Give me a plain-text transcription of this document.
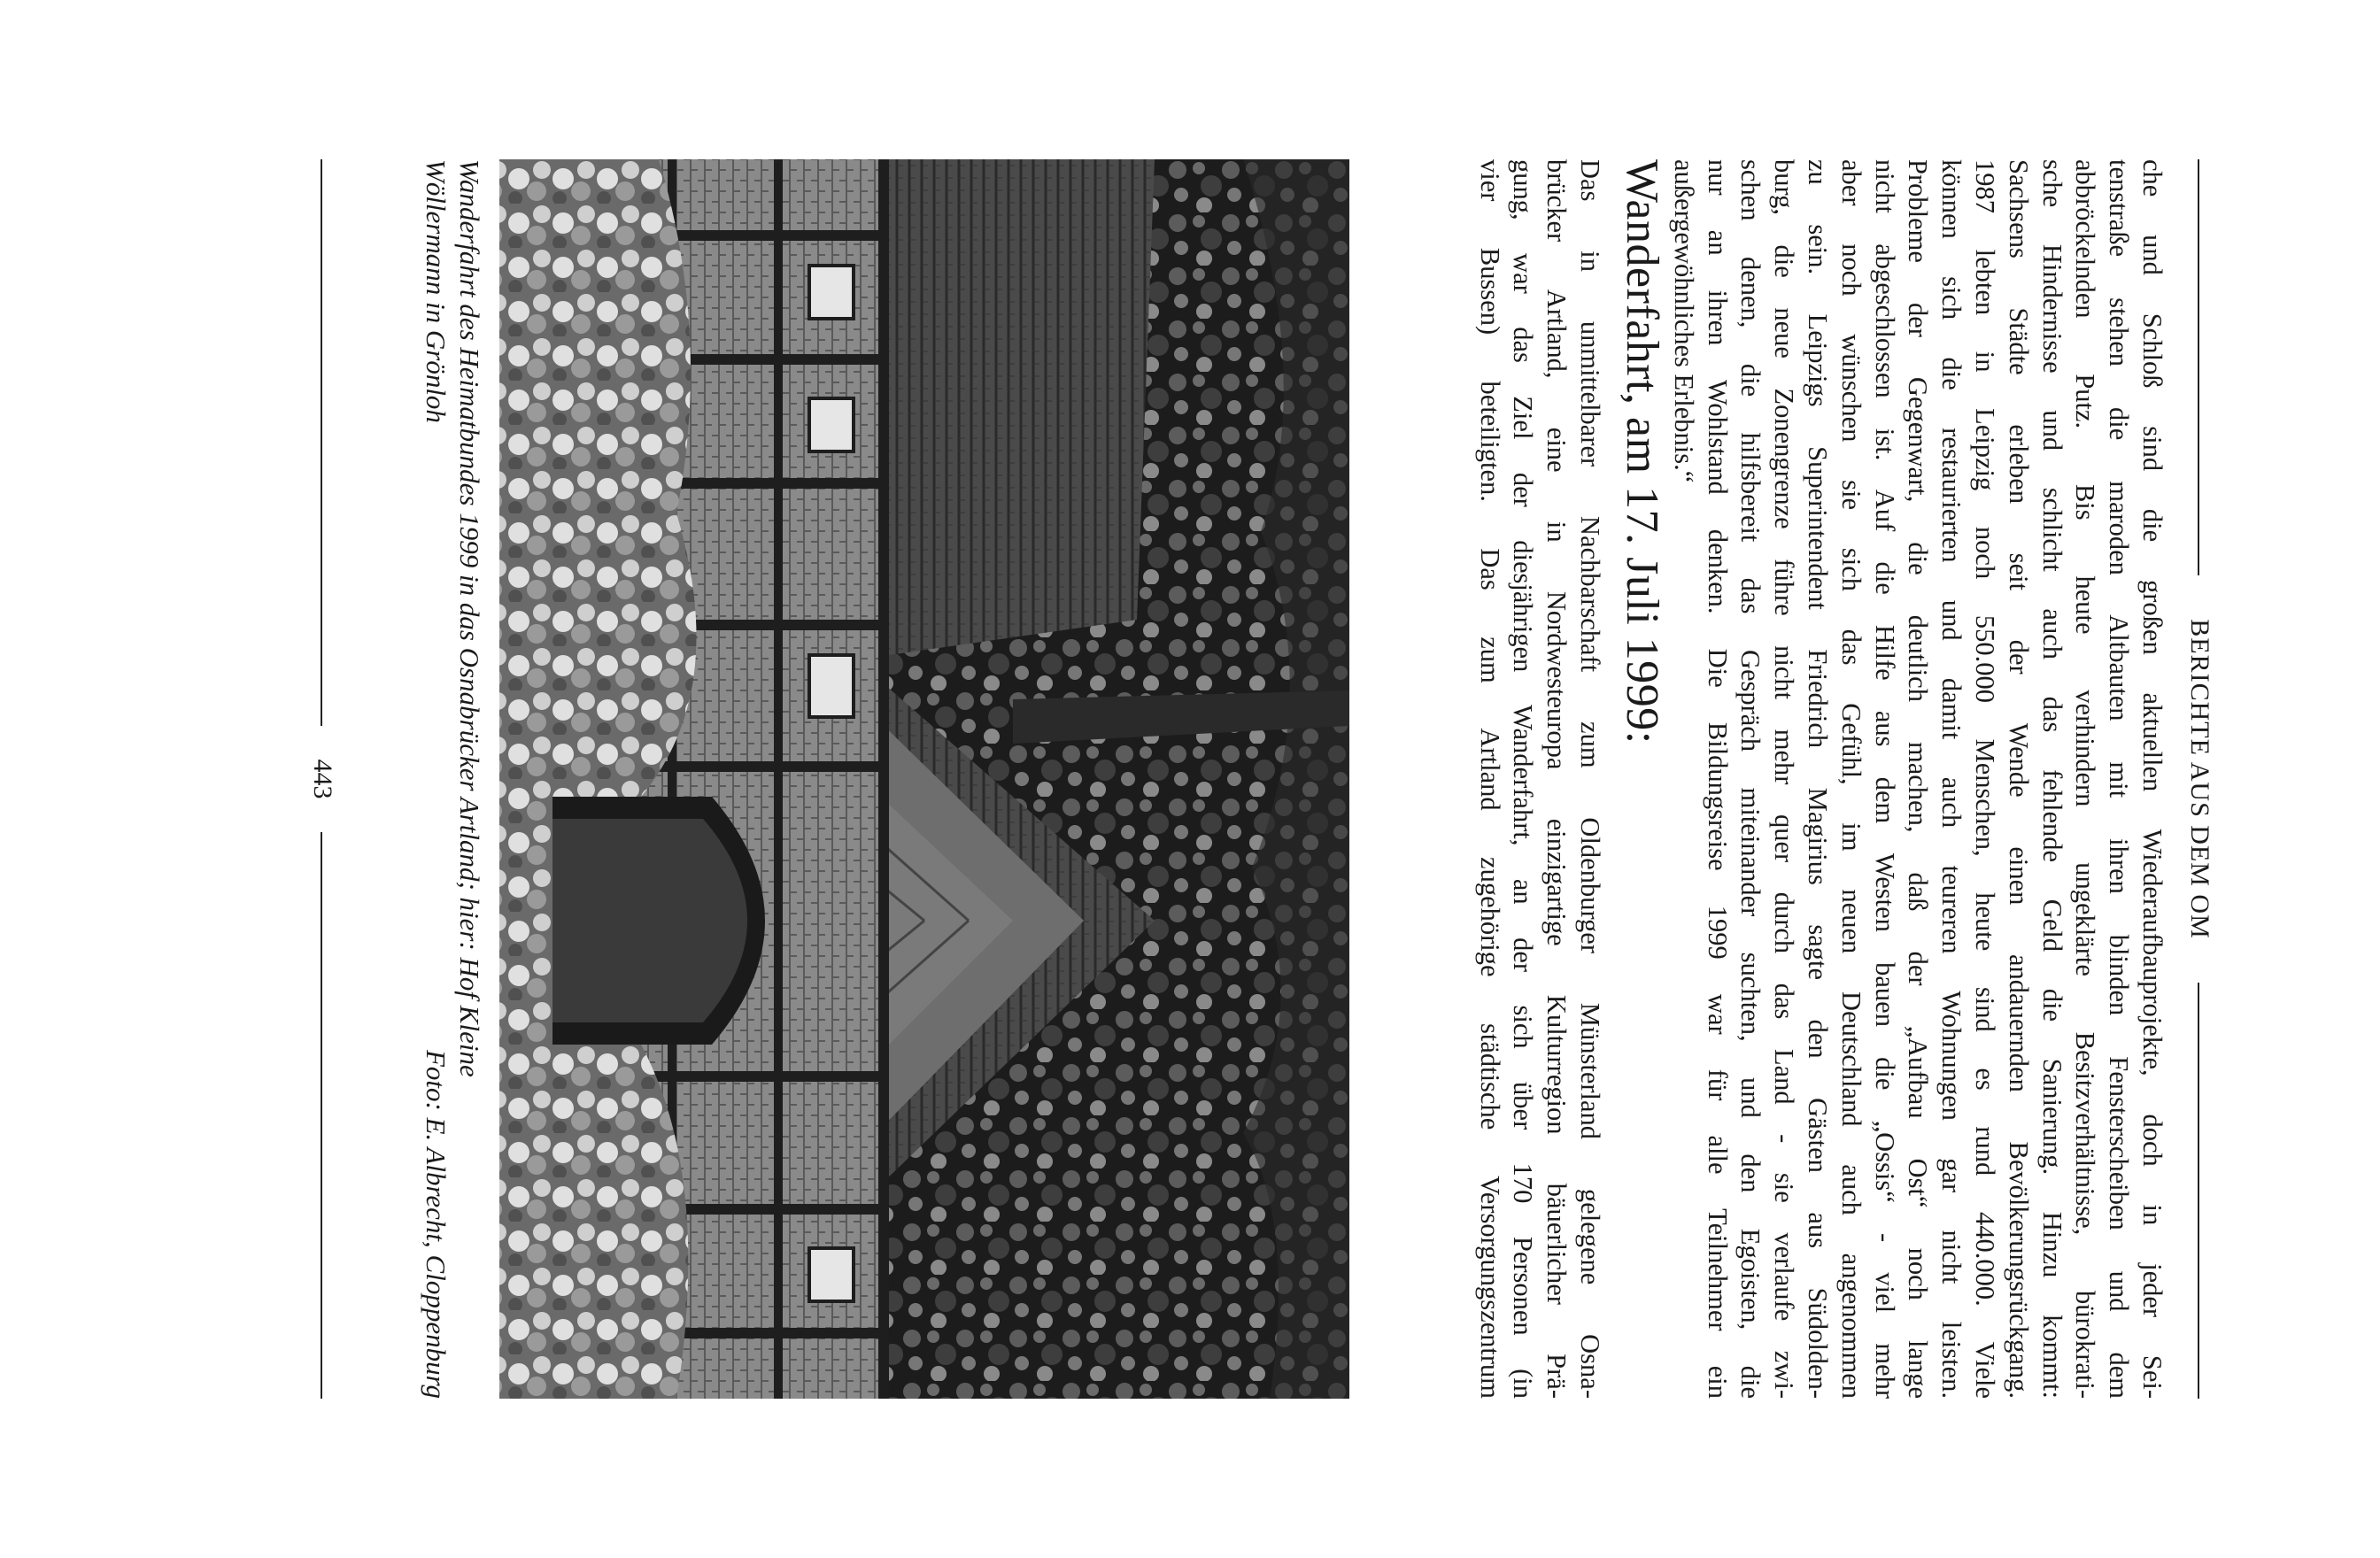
BERICHTE AUS DEM OM
che und Schloß sind die großen aktuellen Wiederaufbauprojekte, doch in jeder Sei-
tenstraße stehen die maroden Altbauten mit ihren blinden Fensterscheiben und dem
abbröckelnden Putz. Bis heute verhindern ungeklärte Besitzverhältnisse, bürokrati-
sche Hindernisse und schlicht auch das fehlende Geld die Sanierung. Hinzu kommt:
Sachsens Städte erleben seit der Wende einen andauernden Bevölkerungsrückgang.
1987 lebten in Leipzig noch 550.000 Menschen, heute sind es rund 440.000. Viele
können sich die restaurierten und damit auch teureren Wohnungen gar nicht leisten.
Probleme der Gegenwart, die deutlich machen, daß der „Aufbau Ost“ noch lange
nicht abgeschlossen ist. Auf die Hilfe aus dem Westen bauen die „Ossis“ - viel mehr
aber noch wünschen sie sich das Gefühl, im neuen Deutschland auch angenommen
zu sein. Leipzigs Superintendent Friedrich Magirius sagte den Gästen aus Südolden-
burg, die neue Zonengrenze führe nicht mehr quer durch das Land - sie verlaufe zwi-
schen denen, die hilfsbereit das Gespräch miteinander suchten, und den Egoisten, die
nur an ihren Wohlstand denken. Die Bildungsreise 1999 war für alle Teilnehmer ein
außergewöhnliches Erlebnis.“
Wanderfahrt, am 17. Juli 1999:
Das in unmittelbarer Nachbarschaft zum Oldenburger Münsterland gelegene Osna-
brücker Artland, eine in Nordwesteuropa einzigartige Kulturregion bäuerlicher Prä-
gung, war das Ziel der diesjährigen Wanderfahrt, an der sich über 170 Personen (in
vier Bussen) beteiligten. Das zum Artland zugehörige städtische Versorgungszentrum
Wanderfahrt des Heimatbundes 1999 in das Osnabrücker Artland; hier: Hof Kleine
Wöllermann in Grönloh
Foto: E. Albrecht, Cloppenburg
443
